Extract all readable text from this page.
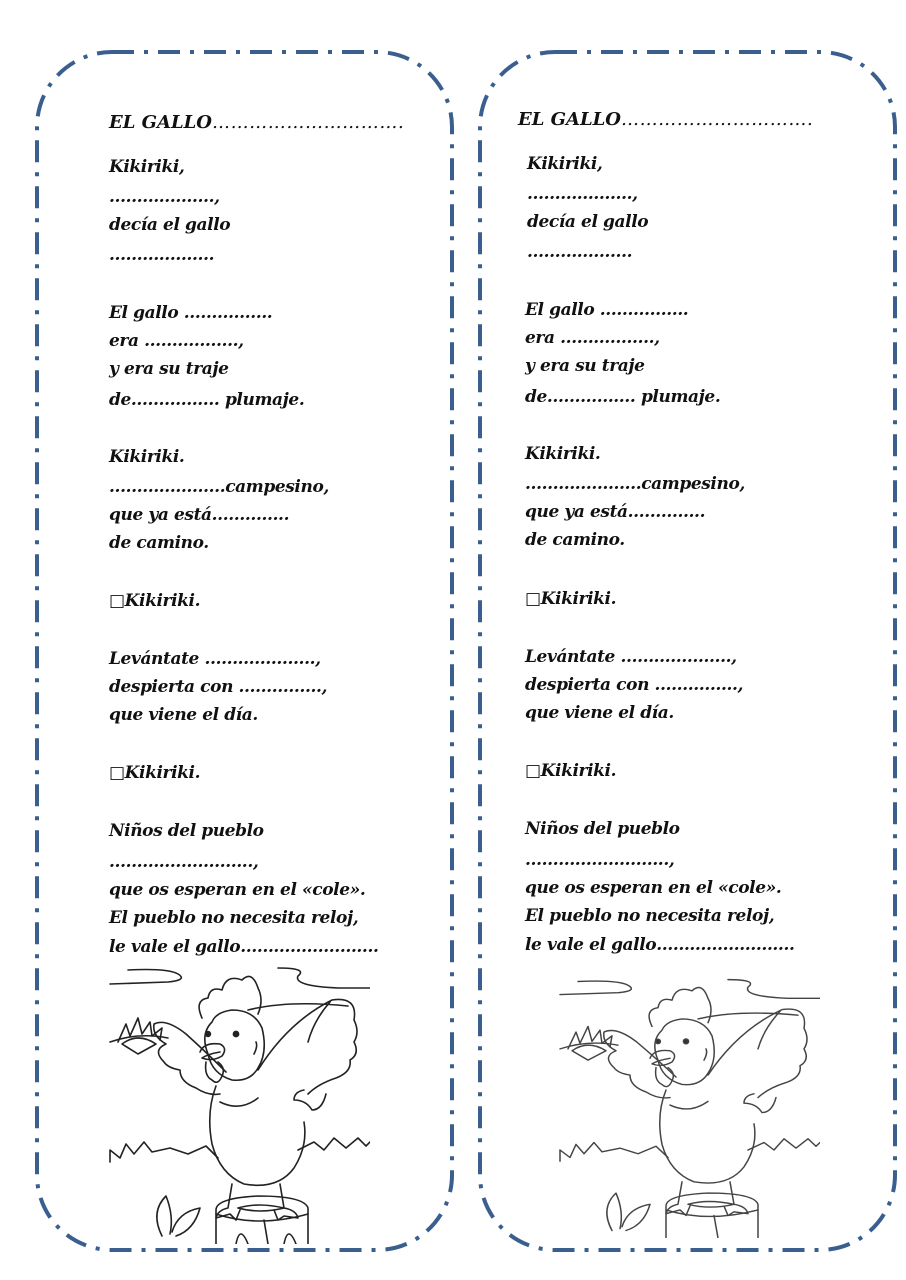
EL GALLO………………………….
Kikiriki,
……………….,
decía el gallo
……………….
El gallo …………….
era ……………..,
y era su traje
de……………. plumaje.
Kikiriki.
…………………campesino,
que ya está…………..
de camino.
□Kikiriki.
Levántate ………………..,
despierta con …………...,
que viene el día.
□Kikiriki.
Niños del pueblo
……………………..,
que os esperan en el «cole».
El pueblo no necesita reloj,
le vale el gallo…………………….
EL GALLO………………………….
Kikiriki,
……………….,
decía el gallo
……………….
El gallo …………….
era ……………..,
y era su traje
de……………. plumaje.
Kikiriki.
…………………campesino,
que ya está…………..
de camino.
□Kikiriki.
Levántate ………………..,
despierta con …………...,
que viene el día.
□Kikiriki.
Niños del pueblo
……………………..,
que os esperan en el «cole».
El pueblo no necesita reloj,
le vale el gallo…………………….
